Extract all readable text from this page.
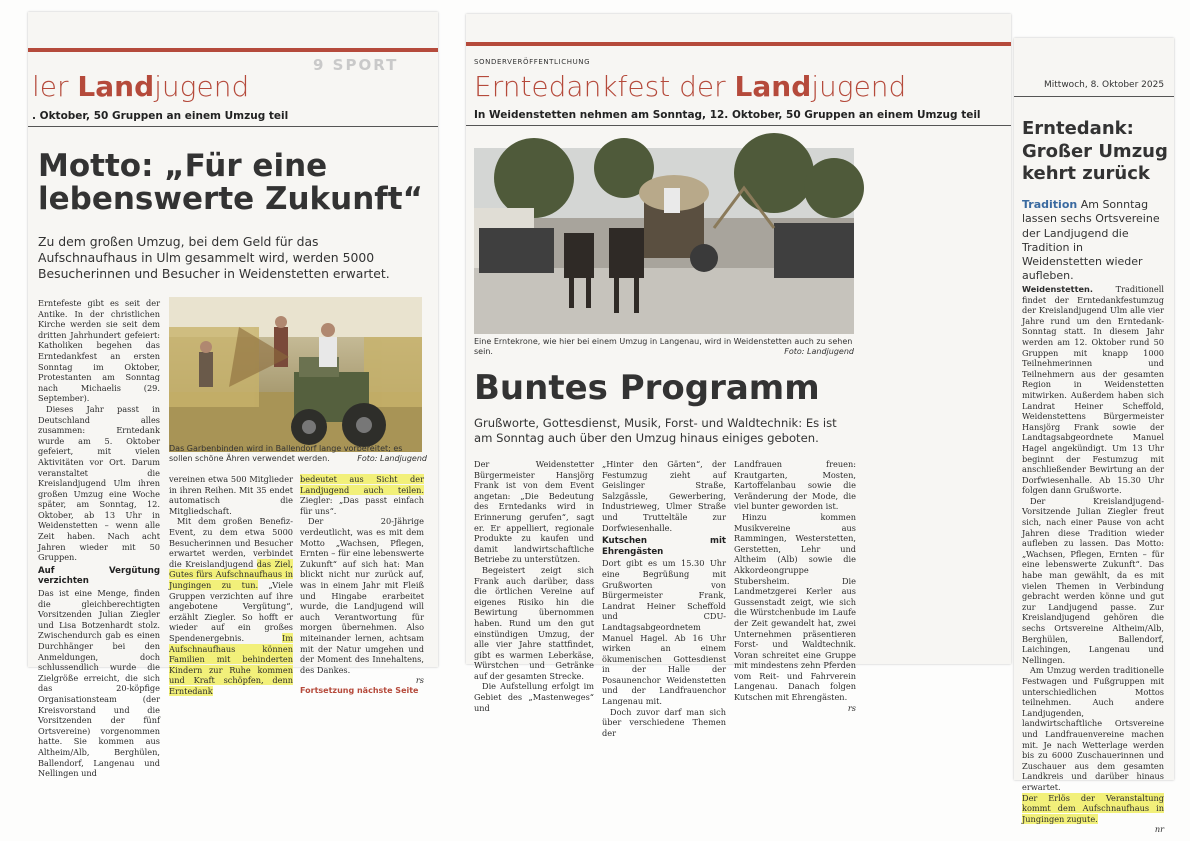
9 SPORT
ler Landjugend
. Oktober, 50 Gruppen an einem Umzug teil
Motto: „Für eine
lebenswerte Zukunft“
Zu dem großen Umzug, bei dem Geld für das Aufschnaufhaus in Ulm gesammelt wird, werden 5000 Besucherinnen und Besucher in Weidenstetten erwartet.

Erntefeste gibt es seit der Antike. In der christlichen Kirche werden sie seit dem dritten Jahrhundert gefeiert: Katholiken begehen das Erntedankfest an ersten Sonntag im Oktober, Protestanten am Sonntag nach Michaelis (29. September).

Dieses Jahr passt in Deutschland alles zusammen: Erntedank wurde am 5. Oktober gefeiert, mit vielen Aktivitäten vor Ort. Darum veranstaltet die Kreislandjugend Ulm ihren großen Umzug eine Woche später, am Sonntag, 12. Oktober, ab 13 Uhr in Weidenstetten – wenn alle Zeit haben. Nach acht Jahren wieder mit 50 Gruppen.

Auf Vergütung verzichten

Das ist eine Menge, finden die gleichberechtigten Vorsitzenden Julian Ziegler und Lisa Botzenhardt stolz. Zwischendurch gab es einen Durchhänger bei den Anmeldungen, doch schlussendlich wurde die Zielgröße erreicht, die sich das 20-köpfige Organisationsteam (der Kreisvorstand und die Vorsitzenden der fünf Ortsvereine) vorgenommen hatte. Sie kommen aus Altheim/Alb, Berghülen, Ballendorf, Langenau und Nellingen und

Das Garbenbinden wird in Ballendorf lange vorbereitet; es sollen schöne Ähren verwendet werden.	Foto: Landjugend

vereinen etwa 500 Mitglieder in ihren Reihen. Mit 35 endet automatisch die Mitgliedschaft.

Mit dem großen Benefiz-Event, zu dem etwa 5000 Besucherinnen und Besucher erwartet werden, verbindet die Kreislandjugend das Ziel, Gutes fürs Aufschnaufhaus in Jungingen zu tun. „Viele Gruppen verzichten auf ihre angebotene Vergütung“, erzählt Ziegler. So hofft er wieder auf ein großes Spendenergebnis. Im Aufschnaufhaus können Familien mit behinderten Kindern zur Ruhe kommen und Kraft schöpfen, denn Erntedank

bedeutet aus Sicht der Landjugend auch teilen. Ziegler: „Das passt einfach für uns“.

Der 20-Jährige verdeutlicht, was es mit dem Motto „Wachsen, Pflegen, Ernten – für eine lebenswerte Zukunft“ auf sich hat: Man blickt nicht nur zurück auf, was in einem Jahr mit Fleiß und Hingabe erarbeitet wurde, die Landjugend will auch Verantwortung für morgen übernehmen. Also miteinander lernen, achtsam mit der Natur umgehen und der Moment des Innehaltens, des Dankes.

rs
Fortsetzung nächste Seite
SONDERVERÖFFENTLICHUNG
Erntedankfest der Landjugend
In Weidenstetten nehmen am Sonntag, 12. Oktober, 50 Gruppen an einem Umzug teil
Eine Erntekrone, wie hier bei einem Umzug in Langenau, wird in Weidenstetten auch zu sehen sein.	Foto: Landjugend
Buntes Programm
Grußworte, Gottesdienst, Musik, Forst- und Waldtechnik: Es ist am Sonntag auch über den Umzug hinaus einiges geboten.

Der Weidenstetter Bürgermeister Hansjörg Frank ist von dem Event angetan: „Die Bedeutung des Erntedanks wird in Erinnerung gerufen“, sagt er. Er appelliert, regionale Produkte zu kaufen und damit landwirtschaftliche Betriebe zu unterstützen.

Begeistert zeigt sich Frank auch darüber, dass die örtlichen Vereine auf eigenes Risiko hin die Bewirtung übernommen haben. Rund um den gut einstündigen Umzug, der alle vier Jahre stattfindet, gibt es warmen Leberkäse, Würstchen und Getränke auf der gesamten Strecke.

Die Aufstellung erfolgt im Gebiet des „Mastenweges“ und

„Hinter den Gärten“, der Festumzug zieht auf Geislinger Straße, Salzgässle, Gewerbering, Industrieweg, Ulmer Straße und Trutteltäle zur Dorfwiesenhalle.

Kutschen mit Ehrengästen

Dort gibt es um 15.30 Uhr eine Begrüßung mit Grußworten von Bürgermeister Frank, Landrat Heiner Scheffold und CDU-Landtagsabgeordnetem Manuel Hagel. Ab 16 Uhr wirken an einem ökumenischen Gottesdienst in der Halle der Posaunenchor Weidenstetten und der Landfrauenchor Langenau mit.

Doch zuvor darf man sich über verschiedene Themen der

Landfrauen freuen: Krautgarten, Mosten, Kartoffelanbau sowie die Veränderung der Mode, die viel bunter geworden ist.

Hinzu kommen Musikvereine aus Rammingen, Westerstetten, Gerstetten, Lehr und Altheim (Alb) sowie die Akkordeongruppe Stubersheim. Die Landmetzgerei Kerler aus Gussenstadt zeigt, wie sich die Würstchenbude im Laufe der Zeit gewandelt hat, zwei Unternehmen präsentieren Forst- und Waldtechnik. Voran schreitet eine Gruppe mit mindestens zehn Pferden vom Reit- und Fahrverein Langenau. Danach folgen Kutschen mit Ehrengästen.

rs
Mittwoch, 8. Oktober 2025
Erntedank: Großer Umzug kehrt zurück
Tradition Am Sonntag lassen sechs Ortsvereine der Landjugend die Tradition in Weidenstetten wieder aufleben.

Weidenstetten. Traditionell findet der Erntedankfestumzug der Kreislandjugend Ulm alle vier Jahre rund um den Erntedank-Sonntag statt. In diesem Jahr werden am 12. Oktober rund 50 Gruppen mit knapp 1000 Teilnehmerinnen und Teilnehmern aus der gesamten Region in Weidenstetten mitwirken. Außerdem haben sich Landrat Heiner Scheffold, Weidenstettens Bürgermeister Hansjörg Frank sowie der Landtagsabgeordnete Manuel Hagel angekündigt. Um 13 Uhr beginnt der Festumzug mit anschließender Bewirtung an der Dorfwiesenhalle. Ab 15.30 Uhr folgen dann Grußworte.

Der Kreislandjugend-Vorsitzende Julian Ziegler freut sich, nach einer Pause von acht Jahren diese Tradition wieder aufleben zu lassen. Das Motto: „Wachsen, Pflegen, Ernten – für eine lebenswerte Zukunft“. Das habe man gewählt, da es mit vielen Themen in Verbindung gebracht werden könne und gut zur Landjugend passe. Zur Kreislandjugend gehören die sechs Ortsvereine Altheim/Alb, Berghülen, Ballendorf, Laichingen, Langenau und Nellingen.

Am Umzug werden traditionelle Festwagen und Fußgruppen mit unterschiedlichen Mottos teilnehmen. Auch andere Landjugenden, landwirtschaftliche Ortsvereine und Landfrauenvereine machen mit. Je nach Wetterlage werden bis zu 6000 Zuschauerinnen und Zuschauer aus dem gesamten Landkreis und darüber hinaus erwartet.

Der Erlös der Veranstaltung kommt dem Aufschnaufhaus in Jungingen zugute.

nr
